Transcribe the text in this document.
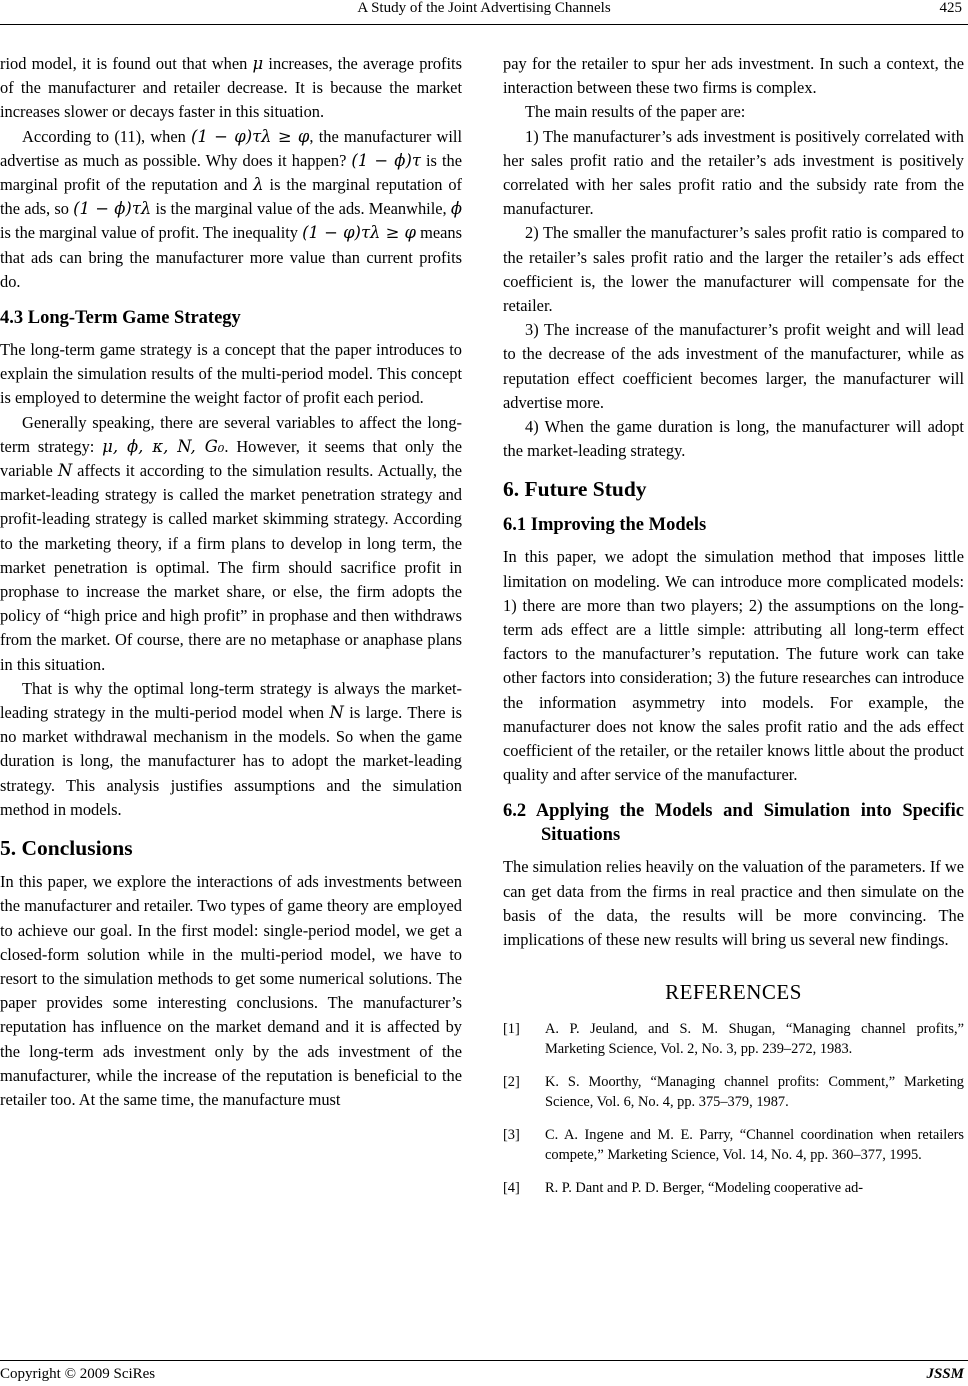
A Study of the Joint Advertising Channels	425

riod model, it is found out that when μ increases, the average profits of the manufacturer and retailer decrease. It is because the market increases slower or decays faster in this situation.

According to (11), when (1 − φ)τλ ≥ φ, the manufacturer will advertise as much as possible. Why does it happen? (1 − ϕ)τ is the marginal profit of the reputation and λ is the marginal reputation of the ads, so (1 − ϕ)τλ is the marginal value of the ads. Meanwhile, ϕ is the marginal value of profit. The inequality (1 − φ)τλ ≥ φ means that ads can bring the manufacturer more value than current profits do.

4.3 Long-Term Game Strategy

The long-term game strategy is a concept that the paper introduces to explain the simulation results of the multi-period model. This concept is employed to determine the weight factor of profit each period.

Generally speaking, there are several variables to affect the long-term strategy: μ, ϕ, κ, N, G₀. However, it seems that only the variable N affects it according to the simulation results. Actually, the market-leading strategy is called the market penetration strategy and profit-leading strategy is called market skimming strategy. According to the marketing theory, if a firm plans to develop in long term, the market penetration is optimal. The firm should sacrifice profit in prophase to increase the market share, or else, the firm adopts the policy of “high price and high profit” in prophase and then withdraws from the market. Of course, there are no metaphase or anaphase plans in this situation.

That is why the optimal long-term strategy is always the market-leading strategy in the multi-period model when N is large. There is no market withdrawal mechanism in the models. So when the game duration is long, the manufacturer has to adopt the market-leading strategy. This analysis justifies assumptions and the simulation method in models.

5. Conclusions

In this paper, we explore the interactions of ads investments between the manufacturer and retailer. Two types of game theory are employed to achieve our goal. In the first model: single-period model, we get a closed-form solution while in the multi-period model, we have to resort to the simulation methods to get some numerical solutions. The paper provides some interesting conclusions. The manufacturer’s reputation has influence on the market demand and it is affected by the long-term ads investment only by the ads investment of the manufacturer, while the increase of the reputation is beneficial to the retailer too. At the same time, the manufacture must

pay for the retailer to spur her ads investment. In such a context, the interaction between these two firms is complex.

The main results of the paper are:

1) The manufacturer’s ads investment is positively correlated with her sales profit ratio and the retailer’s ads investment is positively correlated with her sales profit ratio and the subsidy rate from the manufacturer.

2) The smaller the manufacturer’s sales profit ratio is compared to the retailer’s sales profit ratio and the larger the retailer’s ads effect coefficient is, the lower the manufacturer will compensate for the retailer.

3) The increase of the manufacturer’s profit weight and will lead to the decrease of the ads investment of the manufacturer, while as reputation effect coefficient becomes larger, the manufacturer will advertise more.

4) When the game duration is long, the manufacturer will adopt the market-leading strategy.

6. Future Study
6.1 Improving the Models

In this paper, we adopt the simulation method that imposes little limitation on modeling. We can introduce more complicated models: 1) there are more than two players; 2) the assumptions on the long-term ads effect are a little simple: attributing all long-term effect factors to the manufacturer’s reputation. The future work can take other factors into consideration; 3) the future researches can introduce the information asymmetry into models. For example, the manufacturer does not know the sales profit ratio and the ads effect coefficient of the retailer, or the retailer knows little about the product quality and after service of the manufacturer.

6.2 Applying the Models and Simulation into Specific Situations

The simulation relies heavily on the valuation of the parameters. If we can get data from the firms in real practice and then simulate on the basis of the data, the results will be more convincing. The implications of these new results will bring us several new findings.

REFERENCES
[1] A. P. Jeuland, and S. M. Shugan, “Managing channel profits,” Marketing Science, Vol. 2, No. 3, pp. 239–272, 1983.
[2] K. S. Moorthy, “Managing channel profits: Comment,” Marketing Science, Vol. 6, No. 4, pp. 375–379, 1987.
[3] C. A. Ingene and M. E. Parry, “Channel coordination when retailers compete,” Marketing Science, Vol. 14, No. 4, pp. 360–377, 1995.
[4] R. P. Dant and P. D. Berger, “Modeling cooperative ad-
Copyright © 2009 SciRes	JSSM
